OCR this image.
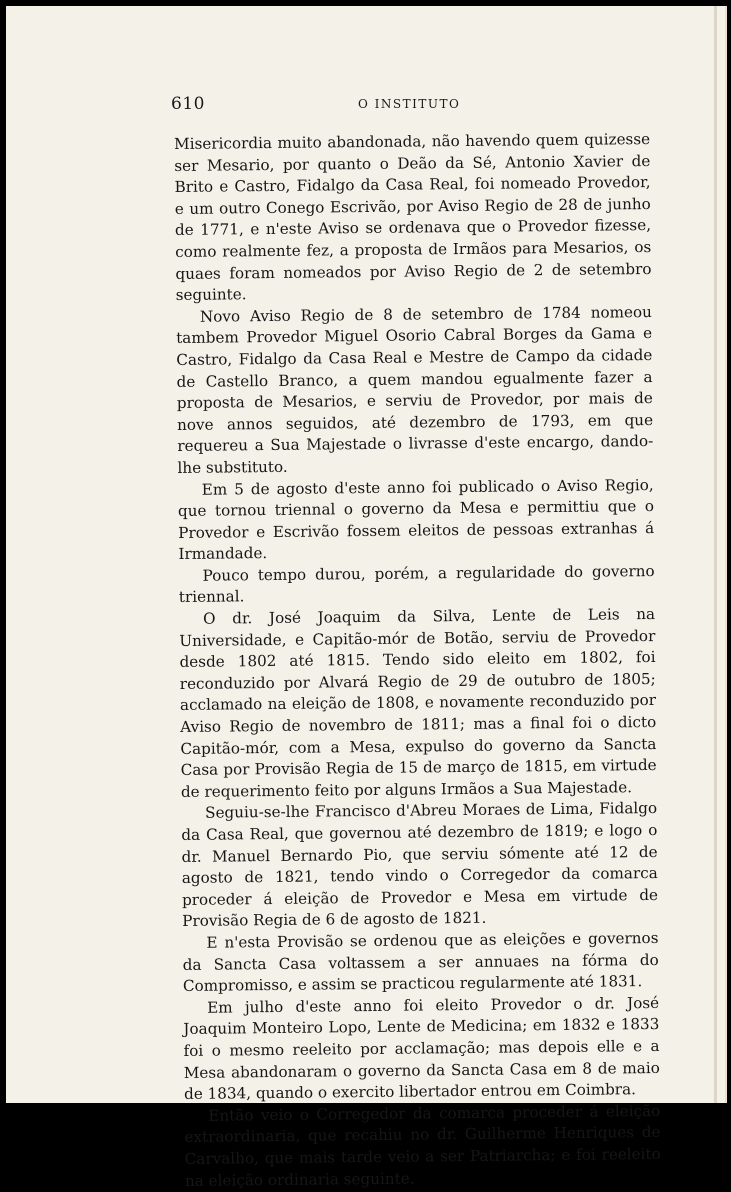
610	O INSTITUTO

Misericordia muito abandonada, não havendo quem quizesse ser Mesario, por quanto o Deão da Sé, Antonio Xavier de Brito e Castro, Fidalgo da Casa Real, foi nomeado Provedor, e um outro Conego Escrivão, por Aviso Regio de 28 de junho de 1771, e n'este Aviso se ordenava que o Provedor fizesse, como realmente fez, a proposta de Irmãos para Mesarios, os quaes foram nomeados por Aviso Regio de 2 de setembro seguinte.

Novo Aviso Regio de 8 de setembro de 1784 nomeou tambem Provedor Miguel Osorio Cabral Borges da Gama e Castro, Fidalgo da Casa Real e Mestre de Campo da cidade de Castello Branco, a quem mandou egualmente fazer a proposta de Mesarios, e serviu de Provedor, por mais de nove annos seguidos, até dezembro de 1793, em que requereu a Sua Majestade o livrasse d'este encargo, dando-lhe substituto.

Em 5 de agosto d'este anno foi publicado o Aviso Regio, que tornou triennal o governo da Mesa e permittiu que o Provedor e Escrivão fossem eleitos de pessoas extranhas á Irmandade.

Pouco tempo durou, porém, a regularidade do governo triennal.

O dr. José Joaquim da Silva, Lente de Leis na Universidade, e Capitão-mór de Botão, serviu de Provedor desde 1802 até 1815. Tendo sido eleito em 1802, foi reconduzido por Alvará Regio de 29 de outubro de 1805; acclamado na eleição de 1808, e novamente reconduzido por Aviso Regio de novembro de 1811; mas a final foi o dicto Capitão-mór, com a Mesa, expulso do governo da Sancta Casa por Provisão Regia de 15 de março de 1815, em virtude de requerimento feito por alguns Irmãos a Sua Majestade.

Seguiu-se-lhe Francisco d'Abreu Moraes de Lima, Fidalgo da Casa Real, que governou até dezembro de 1819; e logo o dr. Manuel Bernardo Pio, que serviu sómente até 12 de agosto de 1821, tendo vindo o Corregedor da comarca proceder á eleição de Provedor e Mesa em virtude de Provisão Regia de 6 de agosto de 1821.

E n'esta Provisão se ordenou que as eleições e governos da Sancta Casa voltassem a ser annuaes na fórma do Compromisso, e assim se practicou regularmente até 1831.

Em julho d'este anno foi eleito Provedor o dr. José Joaquim Monteiro Lopo, Lente de Medicina; em 1832 e 1833 foi o mesmo reeleito por acclamação; mas depois elle e a Mesa abandonaram o governo da Sancta Casa em 8 de maio de 1834, quando o exercito libertador entrou em Coimbra.

Então veio o Corregedor da comarca proceder á eleição extraordinaria, que recahiu no dr. Guilherme Henriques de Carvalho, que mais tarde veio a ser Patriarcha; e foi reeleito na eleição ordinaria seguinte.
